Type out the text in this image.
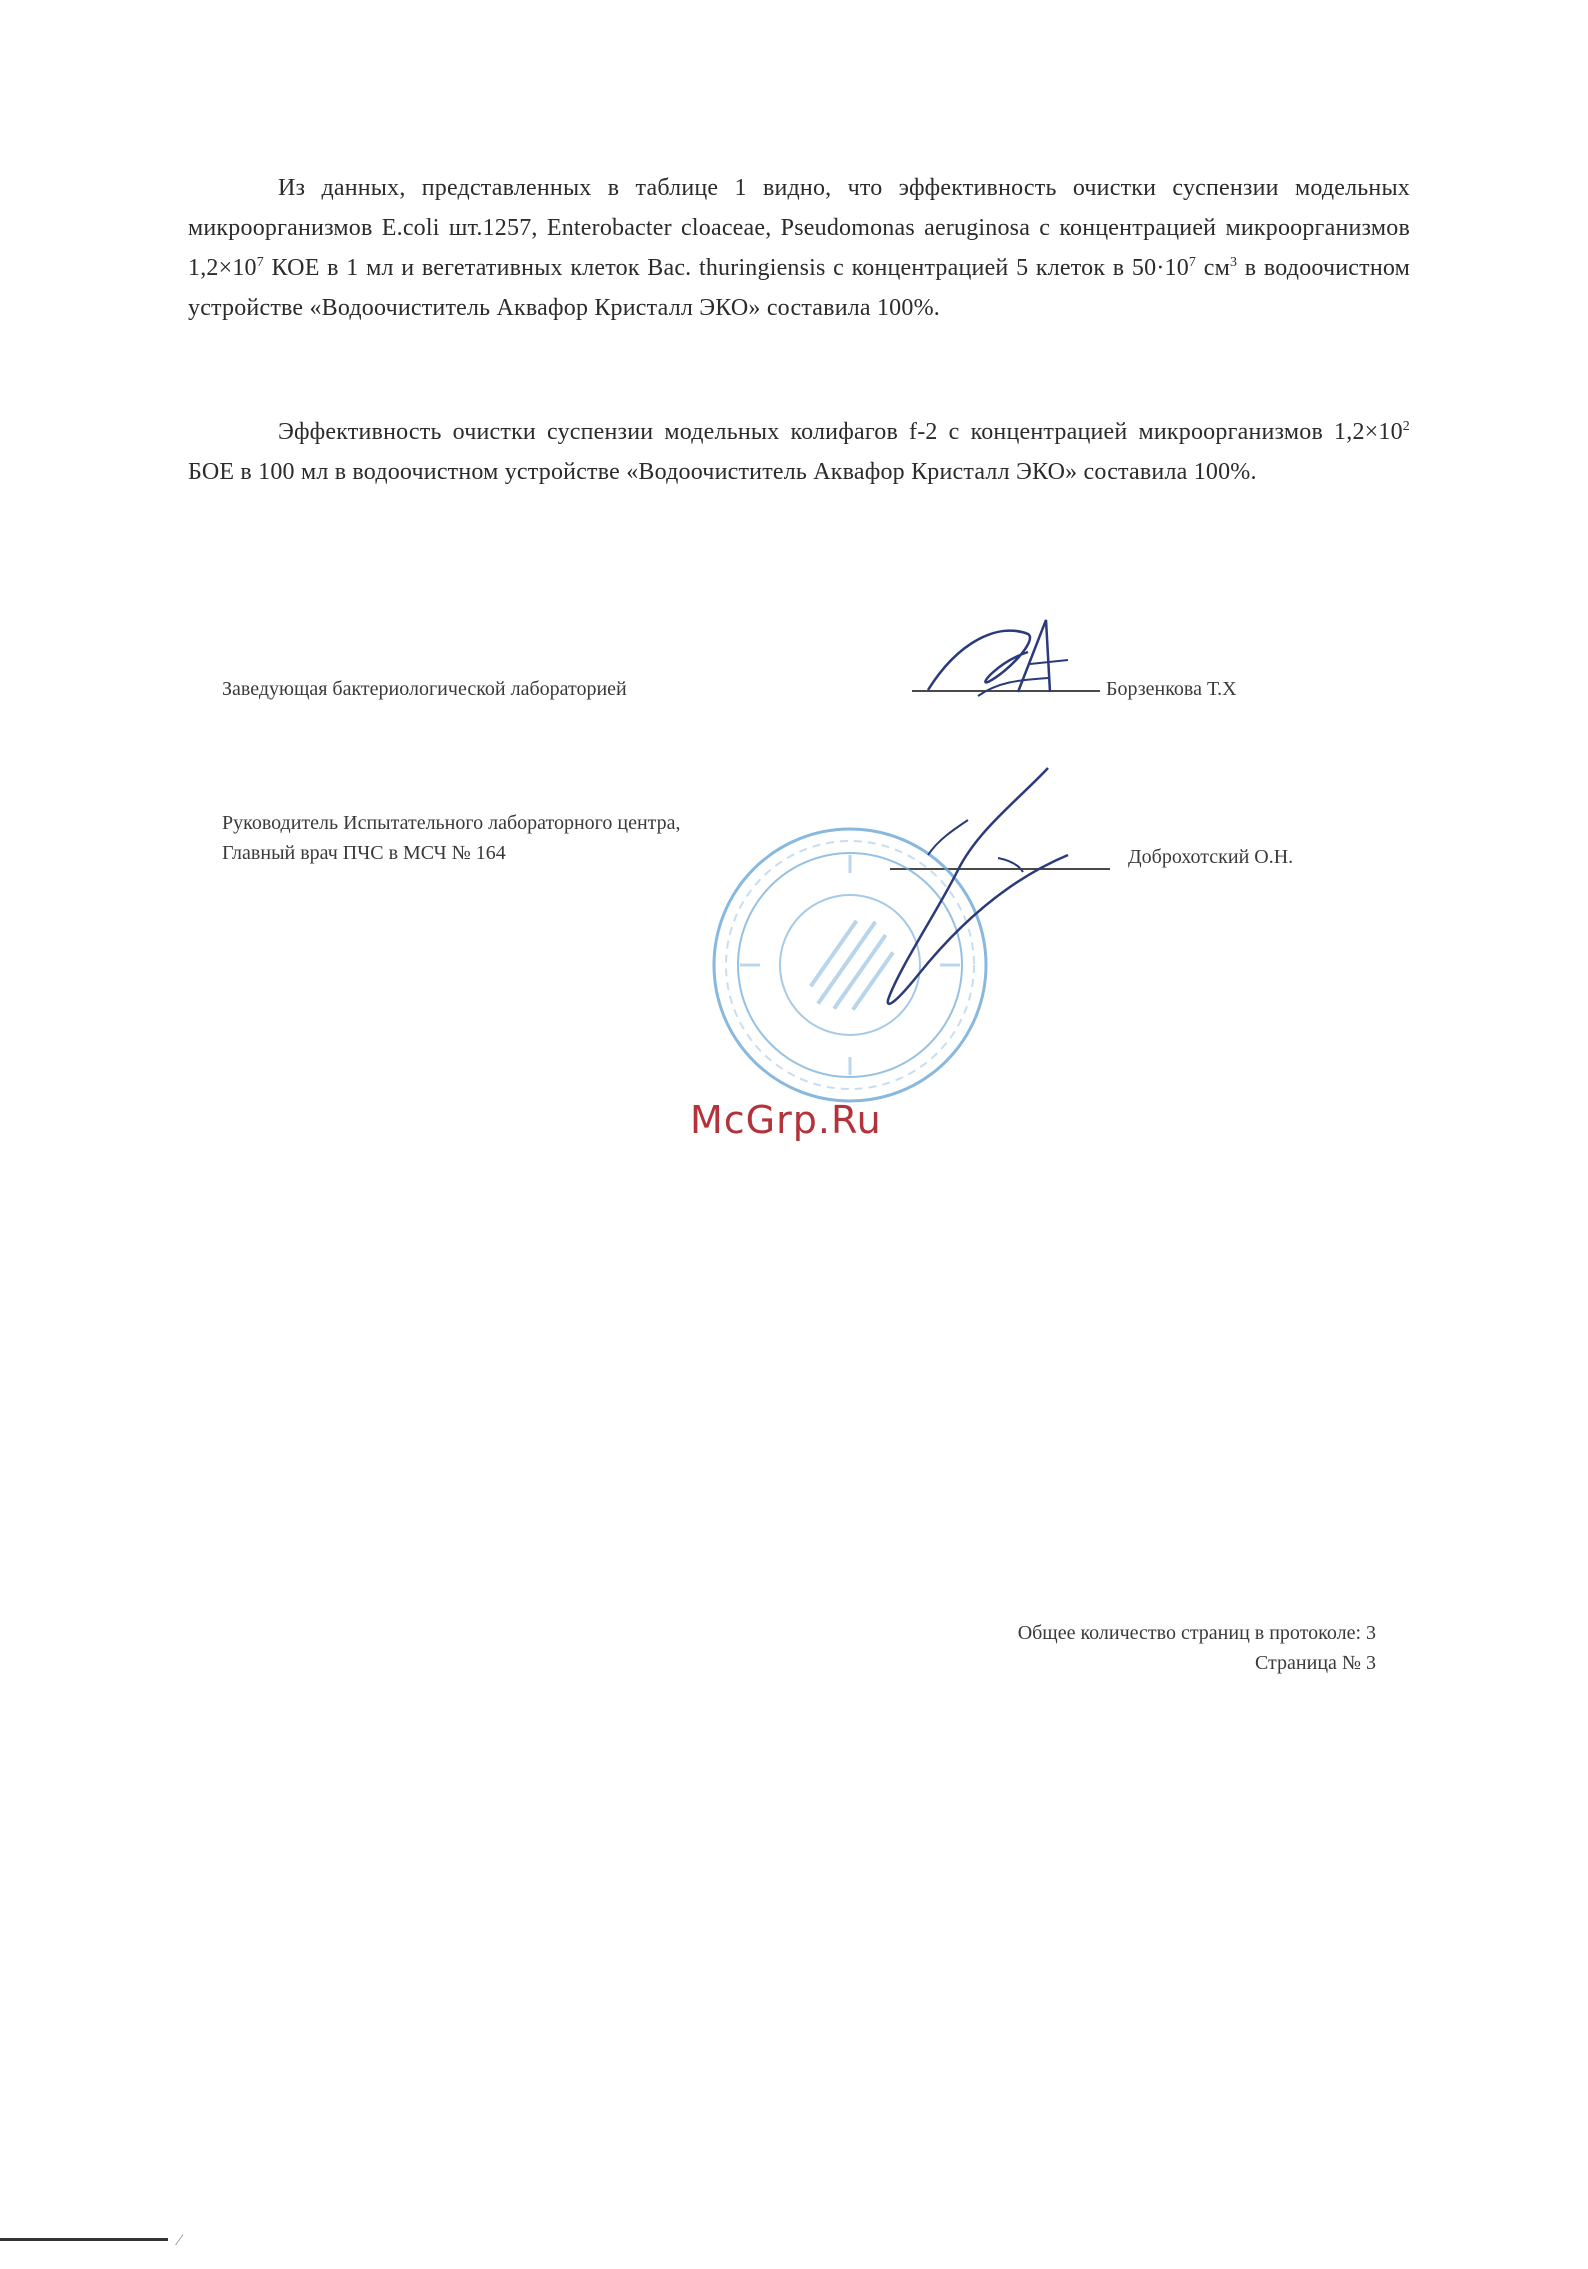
Из данных, представленных в таблице 1 видно, что эффективность очистки суспензии модельных микроорганизмов E.coli шт.1257, Enterobacter cloaceae, Pseudomonas aeruginosa с концентрацией микроорганизмов $1,2\times 10^7$ КОЕ в 1 мл и вегетативных клеток Bac. thuringiensis с концентрацией 5 клеток в $50\cdot 10^7$ $см^3$ в водоочистном устройстве «Водоочиститель Аквафор Кристалл ЭКО» составила 100%.

Эффективность очистки суспензии модельных колифагов f-2 с концентрацией микроорганизмов $1,2\times 10^2$ БОЕ в 100 мл в водоочистном устройстве «Водоочиститель Аквафор Кристалл ЭКО» составила 100%.

Заведующая бактериологической лабораторией	Борзенкова Т.Х
Руководитель Испытательного лабораторного центра,
Главный врач ПЧС в МСЧ № 164	Доброхотский О.Н.
McGrp.Ru
Общее количество страниц в протоколе: 3
Страница № 3
⁄
